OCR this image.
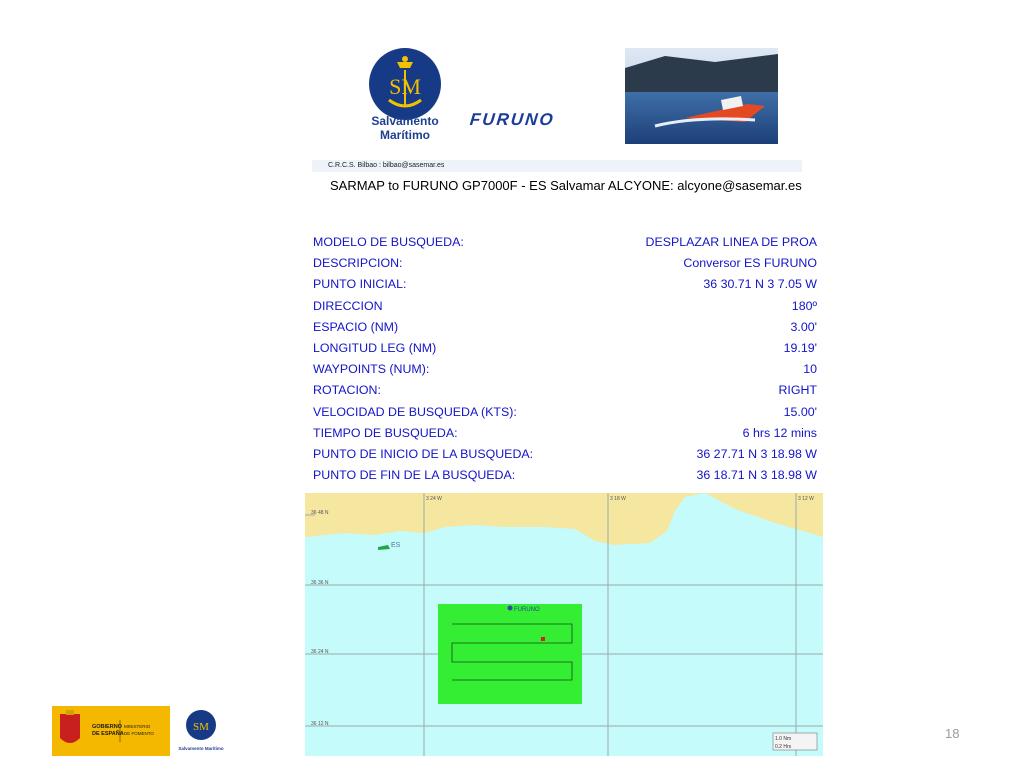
SM
Salvamento
Marítimo
FURUNO
C.R.C.S. Bilbao : bilbao@sasemar.es
SARMAP to FURUNO GP7000F - ES Salvamar ALCYONE: alcyone@sasemar.es
MODELO DE BUSQUEDA:	DESPLAZAR LINEA DE PROA
DESCRIPCION:	Conversor ES FURUNO
PUNTO INICIAL:	36 30.71 N 3 7.05 W
DIRECCION	180º
ESPACIO (NM)	3.00'
LONGITUD LEG (NM)	19.19'
WAYPOINTS (NUM):	10
ROTACION:	RIGHT
VELOCIDAD DE BUSQUEDA (KTS):	15.00'
TIEMPO DE BUSQUEDA:	6 hrs 12 mins
PUNTO DE INICIO DE LA BUSQUEDA:	36 27.71 N 3 18.98 W
PUNTO DE FIN DE LA BUSQUEDA:	36 18.71 N 3 18.98 W
3 24 W	3 18 W	3 12 W
36 48 N
36 36 N
36 24 N
36 12 N
ES
FURUNO
1.0 Nm
0.2 Hrs
18
GOBIERNO
DE ESPAÑA
MINISTERIO
DE FOMENTO
SM
Salvamento Marítimo
